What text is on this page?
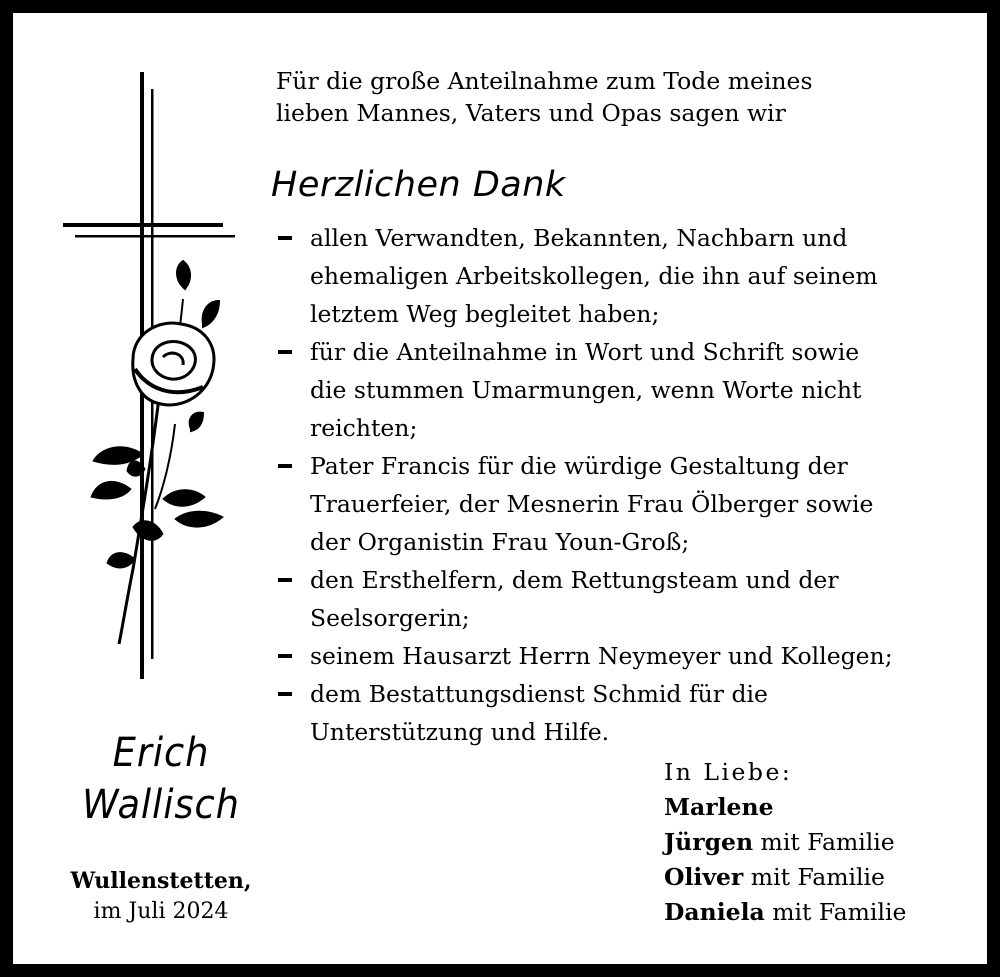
Erich
Wallisch
Wullenstetten,
im Juli 2024
Für die große Anteilnahme zum Tode meines
lieben Mannes, Vaters und Opas sagen wir
Herzlichen Dank
allen Verwandten, Bekannten, Nachbarn und
ehemaligen Arbeitskollegen, die ihn auf seinem
letztem Weg begleitet haben;
für die Anteilnahme in Wort und Schrift sowie
die stummen Umarmungen, wenn Worte nicht
reichten;
Pater Francis für die würdige Gestaltung der
Trauerfeier, der Mesnerin Frau Ölberger sowie
der Organistin Frau Youn-Groß;
den Ersthelfern, dem Rettungsteam und der
Seelsorgerin;
seinem Hausarzt Herrn Neymeyer und Kollegen;
dem Bestattungsdienst Schmid für die
Unterstützung und Hilfe.
In Liebe:
Marlene
Jürgen mit Familie
Oliver mit Familie
Daniela mit Familie
